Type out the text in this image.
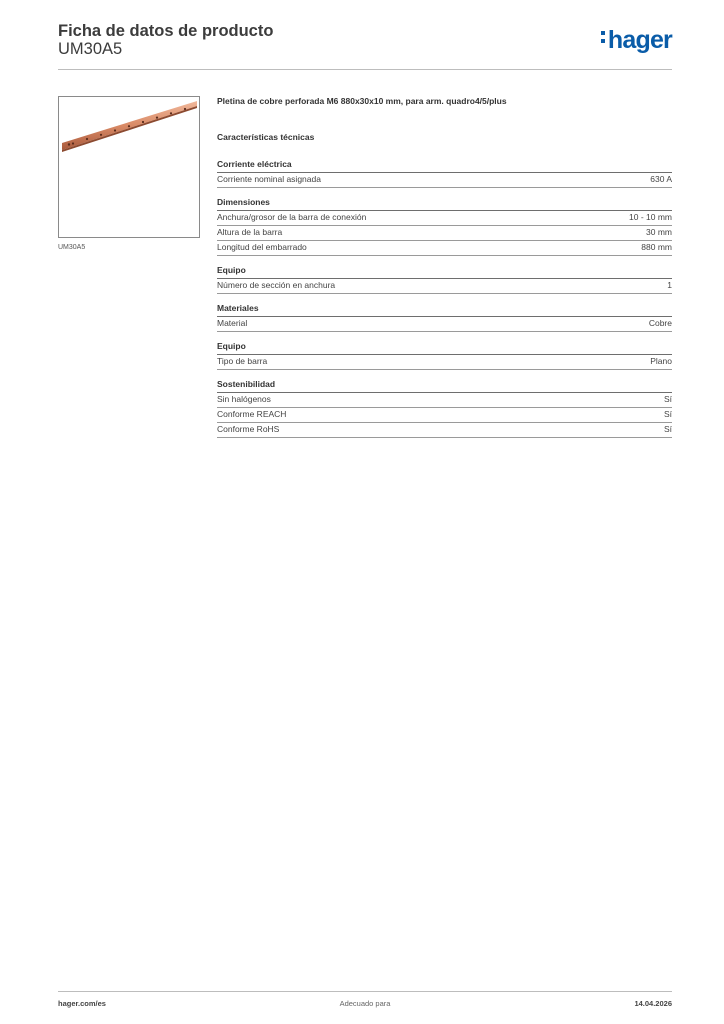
Ficha de datos de producto
UM30A5	hager
UM30A5
Pletina de cobre perforada M6 880x30x10 mm, para arm. quadro4/5/plus
Características técnicas
Corriente eléctrica
Corriente nominal asignada	630 A
Dimensiones
Anchura/grosor de la barra de conexión	10 - 10 mm
Altura de la barra	30 mm
Longitud del embarrado	880 mm
Equipo
Número de sección en anchura	1
Materiales
Material	Cobre
Equipo
Tipo de barra	Plano
Sostenibilidad
Sin halógenos	Sí
Conforme REACH	Sí
Conforme RoHS	Sí
hager.com/es	Adecuado para	14.04.2026
